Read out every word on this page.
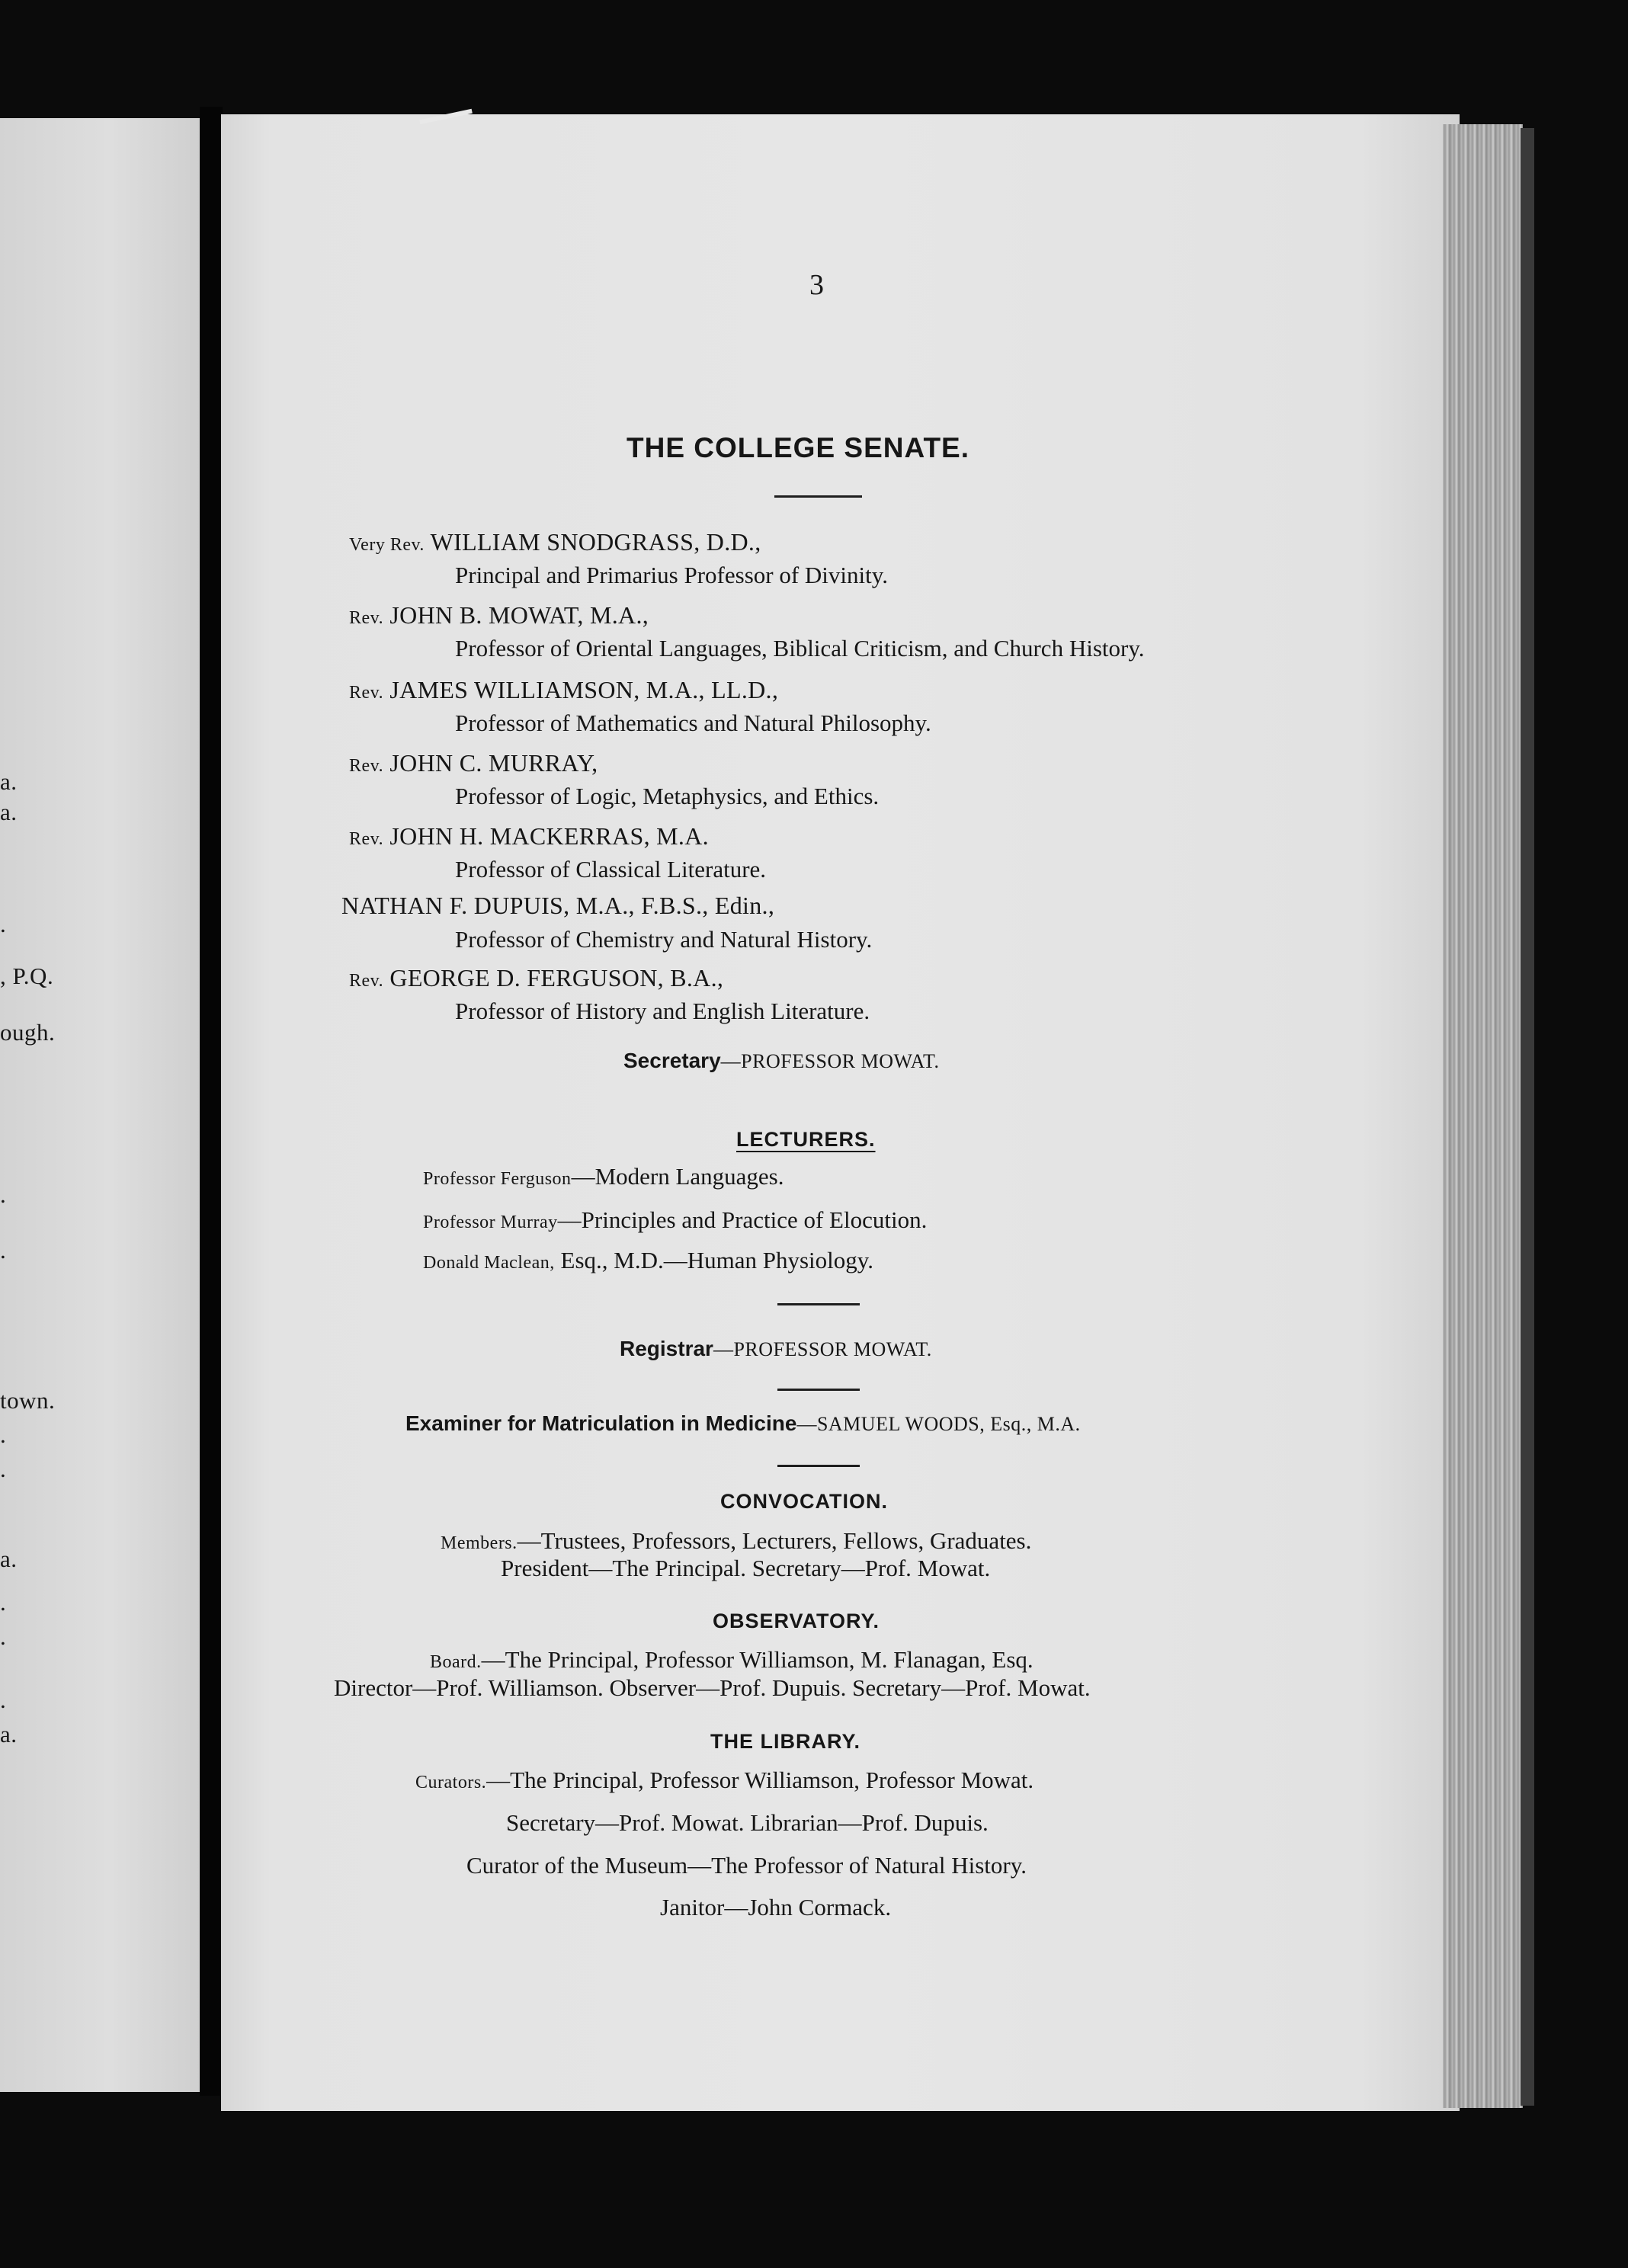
a.
a.
.
, P.Q.
ough.
.
.
town.
.
.
a.
.
.
.
a.
3
THE COLLEGE SENATE.
Very Rev. WILLIAM SNODGRASS, D.D.,
Principal and Primarius Professor of Divinity.
Rev. JOHN B. MOWAT, M.A.,
Professor of Oriental Languages, Biblical Criticism, and Church History.
Rev. JAMES WILLIAMSON, M.A., LL.D.,
Professor of Mathematics and Natural Philosophy.
Rev. JOHN C. MURRAY,
Professor of Logic, Metaphysics, and Ethics.
Rev. JOHN H. MACKERRAS, M.A.
Professor of Classical Literature.
NATHAN F. DUPUIS, M.A., F.B.S., Edin.,
Professor of Chemistry and Natural History.
Rev. GEORGE D. FERGUSON, B.A.,
Professor of History and English Literature.
Secretary—PROFESSOR MOWAT.
LECTURERS.
Professor Ferguson—Modern Languages.
Professor Murray—Principles and Practice of Elocution.
Donald Maclean, Esq., M.D.—Human Physiology.
Registrar—PROFESSOR MOWAT.
Examiner for Matriculation in Medicine—SAMUEL WOODS, Esq., M.A.
CONVOCATION.
Members.—Trustees, Professors, Lecturers, Fellows, Graduates.
President—The Principal. Secretary—Prof. Mowat.
OBSERVATORY.
Board.—The Principal, Professor Williamson, M. Flanagan, Esq.
Director—Prof. Williamson. Observer—Prof. Dupuis. Secretary—Prof. Mowat.
THE LIBRARY.
Curators.—The Principal, Professor Williamson, Professor Mowat.
Secretary—Prof. Mowat. Librarian—Prof. Dupuis.
Curator of the Museum—The Professor of Natural History.
Janitor—John Cormack.
